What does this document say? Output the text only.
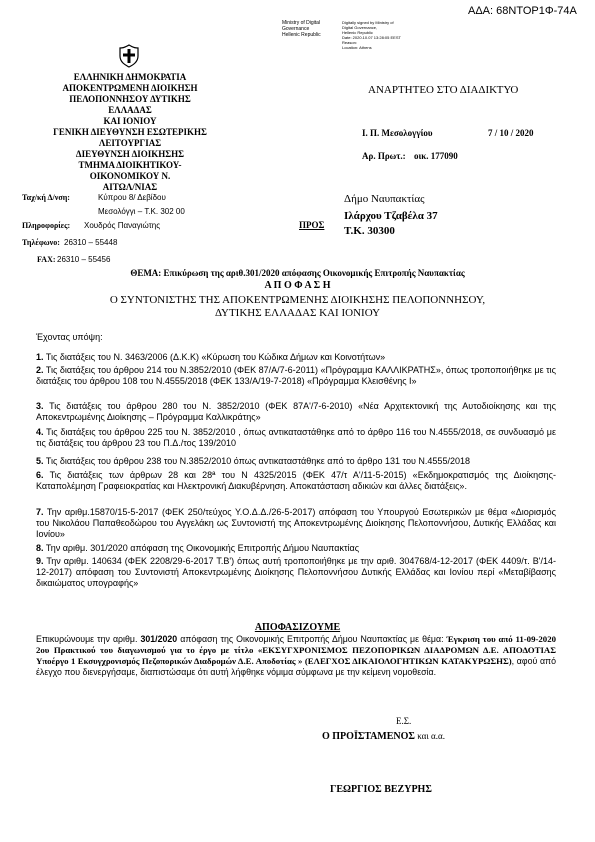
ΑΔΑ: 68ΝΤΟΡ1Φ-74Α
Ministry of Digital
Governance
Hellenic Republic
Digitally signed by Ministry of
Digital Governance,
Hellenic Republic
Date: 2020.10.07 13:28:05 EEST
Reason:
Location: Athens
ΕΛΛΗΝΙΚΗ ΔΗΜΟΚΡΑΤΙΑ
ΑΠΟΚΕΝΤΡΩΜΕΝΗ ΔΙΟΙΚΗΣΗ
ΠΕΛΟΠΟΝΝΗΣΟΥ ΔΥΤΙΚΗΣ ΕΛΛΑΔΑΣ
ΚΑΙ ΙΟΝΙΟΥ
ΓΕΝΙΚΗ ΔΙΕΥΘΥΝΣΗ ΕΣΩΤΕΡΙΚΗΣ
ΛΕΙΤΟΥΡΓΙΑΣ
ΔΙΕΥΘΥΝΣΗ ΔΙΟΙΚΗΣΗΣ
ΤΜΗΜΑ ΔΙΟΙΚΗΤΙΚΟΥ-ΟΙΚΟΝΟΜΙΚΟΥ Ν.
ΑΙΤΩΛ/ΝΙΑΣ
ΑΝΑΡΤΗΤΕΟ ΣΤΟ ΔΙΑΔΙΚΤΥΟ
Ι. Π. Μεσολογγίου	7 / 10 / 2020
Αρ. Πρωτ.: οικ. 177090
Ταχ/κή Δ/νση:	Κύπρου 8/ Δεβίδου
Μεσολόγγι – Τ.Κ. 302 00
Πληροφορίες: Χουδρός Παναγιώτης
Τηλέφωνο: 26310 – 55448
FAX: 26310 – 55456
ΠΡΟΣ
Δήμο Ναυπακτίας
Ιλάρχου Τζαβέλα 37
Τ.Κ. 30300
ΘΕΜΑ: Επικύρωση της αριθ.301/2020 απόφασης Οικονομικής Επιτροπής Ναυπακτίας
Α Π Ο Φ Α Σ Η
Ο ΣΥΝΤΟΝΙΣΤΗΣ ΤΗΣ ΑΠΟΚΕΝΤΡΩΜΕΝΗΣ ΔΙΟΙΚΗΣΗΣ ΠΕΛΟΠΟΝΝΗΣΟΥ,
ΔΥΤΙΚΗΣ ΕΛΛΑΔΑΣ ΚΑΙ ΙΟΝΙΟΥ
Έχοντας υπόψη:
1. Τις διατάξεις του Ν. 3463/2006 (Δ.Κ.Κ) «Κύρωση του Κώδικα Δήμων και Κοινοτήτων»
2. Τις διατάξεις του άρθρου 214 του Ν.3852/2010 (ΦΕΚ 87/Α/7-6-2011) «Πρόγραμμα ΚΑΛΛΙΚΡΑΤΗΣ», όπως τροποποιήθηκε με τις διατάξεις του άρθρου 108 του Ν.4555/2018 (ΦΕΚ 133/Α/19-7-2018) «Πρόγραμμα Κλεισθένης Ι»
3. Τις διατάξεις του άρθρου 280 του Ν. 3852/2010 (ΦΕΚ 87Α'/7-6-2010) «Νέα Αρχιτεκτονική της Αυτοδιοίκησης και της Αποκεντρωμένης Διοίκησης – Πρόγραμμα Καλλικράτης»
4. Τις διατάξεις του άρθρου 225 του Ν. 3852/2010 , όπως αντικαταστάθηκε από το άρθρο 116 του Ν.4555/2018, σε συνδυασμό με τις διατάξεις του άρθρου 23 του Π.Δ./τος 139/2010
5. Τις διατάξεις του άρθρου 238 του Ν.3852/2010 όπως αντικαταστάθηκε από το άρθρο 131 του Ν.4555/2018
6. Τις διατάξεις των άρθρων 28 και 28ª του Ν 4325/2015 (ΦΕΚ 47/τ Α'/11-5-2015) «Εκδημοκρατισμός της Διοίκησης-Καταπολέμηση Γραφειοκρατίας και Ηλεκτρονική Διακυβέρνηση. Αποκατάσταση αδικιών και άλλες διατάξεις».
7. Την αριθμ.15870/15-5-2017 (ΦΕΚ 250/τεύχος Υ.Ο.Δ.Δ./26-5-2017) απόφαση του Υπουργού Εσωτερικών με θέμα «Διορισμός του Νικολάου Παπαθεοδώρου του Αγγελάκη ως Συντονιστή της Αποκεντρωμένης Διοίκησης Πελοποννήσου, Δυτικής Ελλάδας και Ιονίου»
8. Την αριθμ. 301/2020 απόφαση της Οικονομικής Επιτροπής Δήμου Ναυπακτίας
9. Την αριθμ. 140634 (ΦΕΚ 2208/29-6-2017 Τ.Β') όπως αυτή τροποποιήθηκε με την αριθ. 304768/4-12-2017 (ΦΕΚ 4409/τ. Β'/14-12-2017) απόφαση του Συντονιστή Αποκεντρωμένης Διοίκησης Πελοποννήσου Δυτικής Ελλάδας και Ιονίου περί «Μεταβίβασης δικαιώματος υπογραφής»
ΑΠΟΦΑΣΙΖΟΥΜΕ
Επικυρώνουμε την αριθμ. 301/2020 απόφαση της Οικονομικής Επιτροπής Δήμου Ναυπακτίας με θέμα: Έγκριση του από 11-09-2020 2ου Πρακτικού του διαγωνισμού για το έργο με τίτλο «ΕΚΣΥΓΧΡΟΝΙΣΜΟΣ ΠΕΖΟΠΟΡΙΚΩΝ ΔΙΑΔΡΟΜΩΝ Δ.Ε. ΑΠΟΔΟΤΙΑΣ Υποέργο 1 Εκσυγχρονισμός Πεζοπορικών Διαδρομών Δ.Ε. Αποδοτίας » (ΕΛΕΓΧΟΣ ΔΙΚΑΙΟΛΟΓΗΤΙΚΩΝ ΚΑΤΑΚΥΡΩΣΗΣ), αφού από έλεγχο που διενεργήσαμε, διαπιστώσαμε ότι αυτή λήφθηκε νόμιμα σύμφωνα με την κείμενη νομοθεσία.
Ε.Σ.
Ο ΠΡΟΪΣΤΑΜΕΝΟΣ και α.α.
ΓΕΩΡΓΙΟΣ ΒΕΖΥΡΗΣ
